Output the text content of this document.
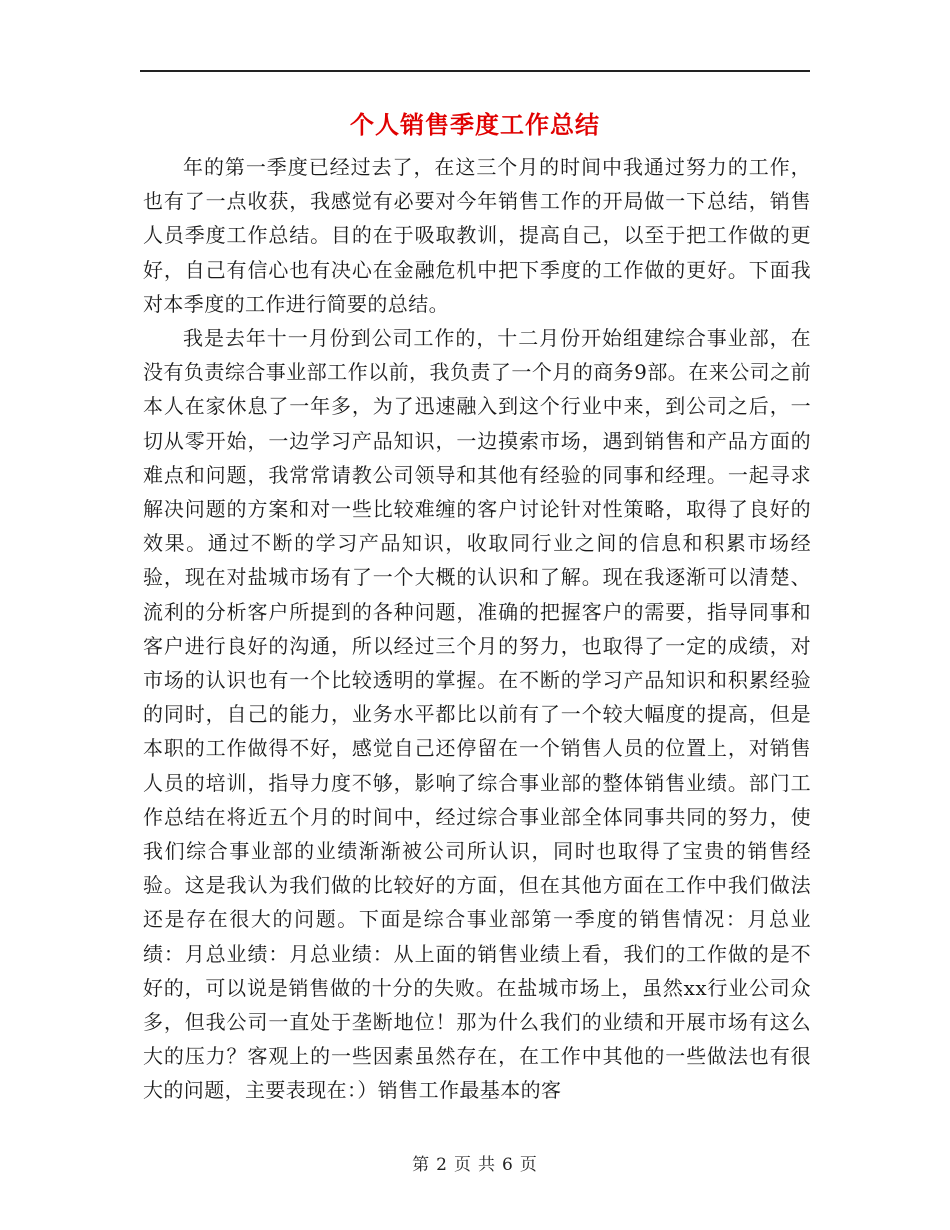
个人销售季度工作总结

年的第一季度已经过去了，在这三个月的时间中我通过努力的工作，也有了一点收获，我感觉有必要对今年销售工作的开局做一下总结，销售人员季度工作总结。目的在于吸取教训，提高自己，以至于把工作做的更好，自己有信心也有决心在金融危机中把下季度的工作做的更好。下面我对本季度的工作进行简要的总结。

我是去年十一月份到公司工作的，十二月份开始组建综合事业部，在没有负责综合事业部工作以前，我负责了一个月的商务9部。在来公司之前本人在家休息了一年多，为了迅速融入到这个行业中来，到公司之后，一切从零开始，一边学习产品知识，一边摸索市场，遇到销售和产品方面的难点和问题，我常常请教公司领导和其他有经验的同事和经理。一起寻求解决问题的方案和对一些比较难缠的客户讨论针对性策略，取得了良好的效果。通过不断的学习产品知识，收取同行业之间的信息和积累市场经验，现在对盐城市场有了一个大概的认识和了解。现在我逐渐可以清楚、流利的分析客户所提到的各种问题，准确的把握客户的需要，指导同事和客户进行良好的沟通，所以经过三个月的努力，也取得了一定的成绩，对市场的认识也有一个比较透明的掌握。在不断的学习产品知识和积累经验的同时，自己的能力，业务水平都比以前有了一个较大幅度的提高，但是本职的工作做得不好，感觉自己还停留在一个销售人员的位置上，对销售人员的培训，指导力度不够，影响了综合事业部的整体销售业绩。部门工作总结在将近五个月的时间中，经过综合事业部全体同事共同的努力，使我们综合事业部的业绩渐渐被公司所认识，同时也取得了宝贵的销售经验。这是我认为我们做的比较好的方面，但在其他方面在工作中我们做法还是存在很大的问题。下面是综合事业部第一季度的销售情况：月总业绩：月总业绩：月总业绩：从上面的销售业绩上看，我们的工作做的是不好的，可以说是销售做的十分的失败。在盐城市场上，虽然xx行业公司众多，但我公司一直处于垄断地位！那为什么我们的业绩和开展市场有这么大的压力？客观上的一些因素虽然存在，在工作中其他的一些做法也有很大的问题，主要表现在：）销售工作最基本的客

第 2 页 共 6 页
